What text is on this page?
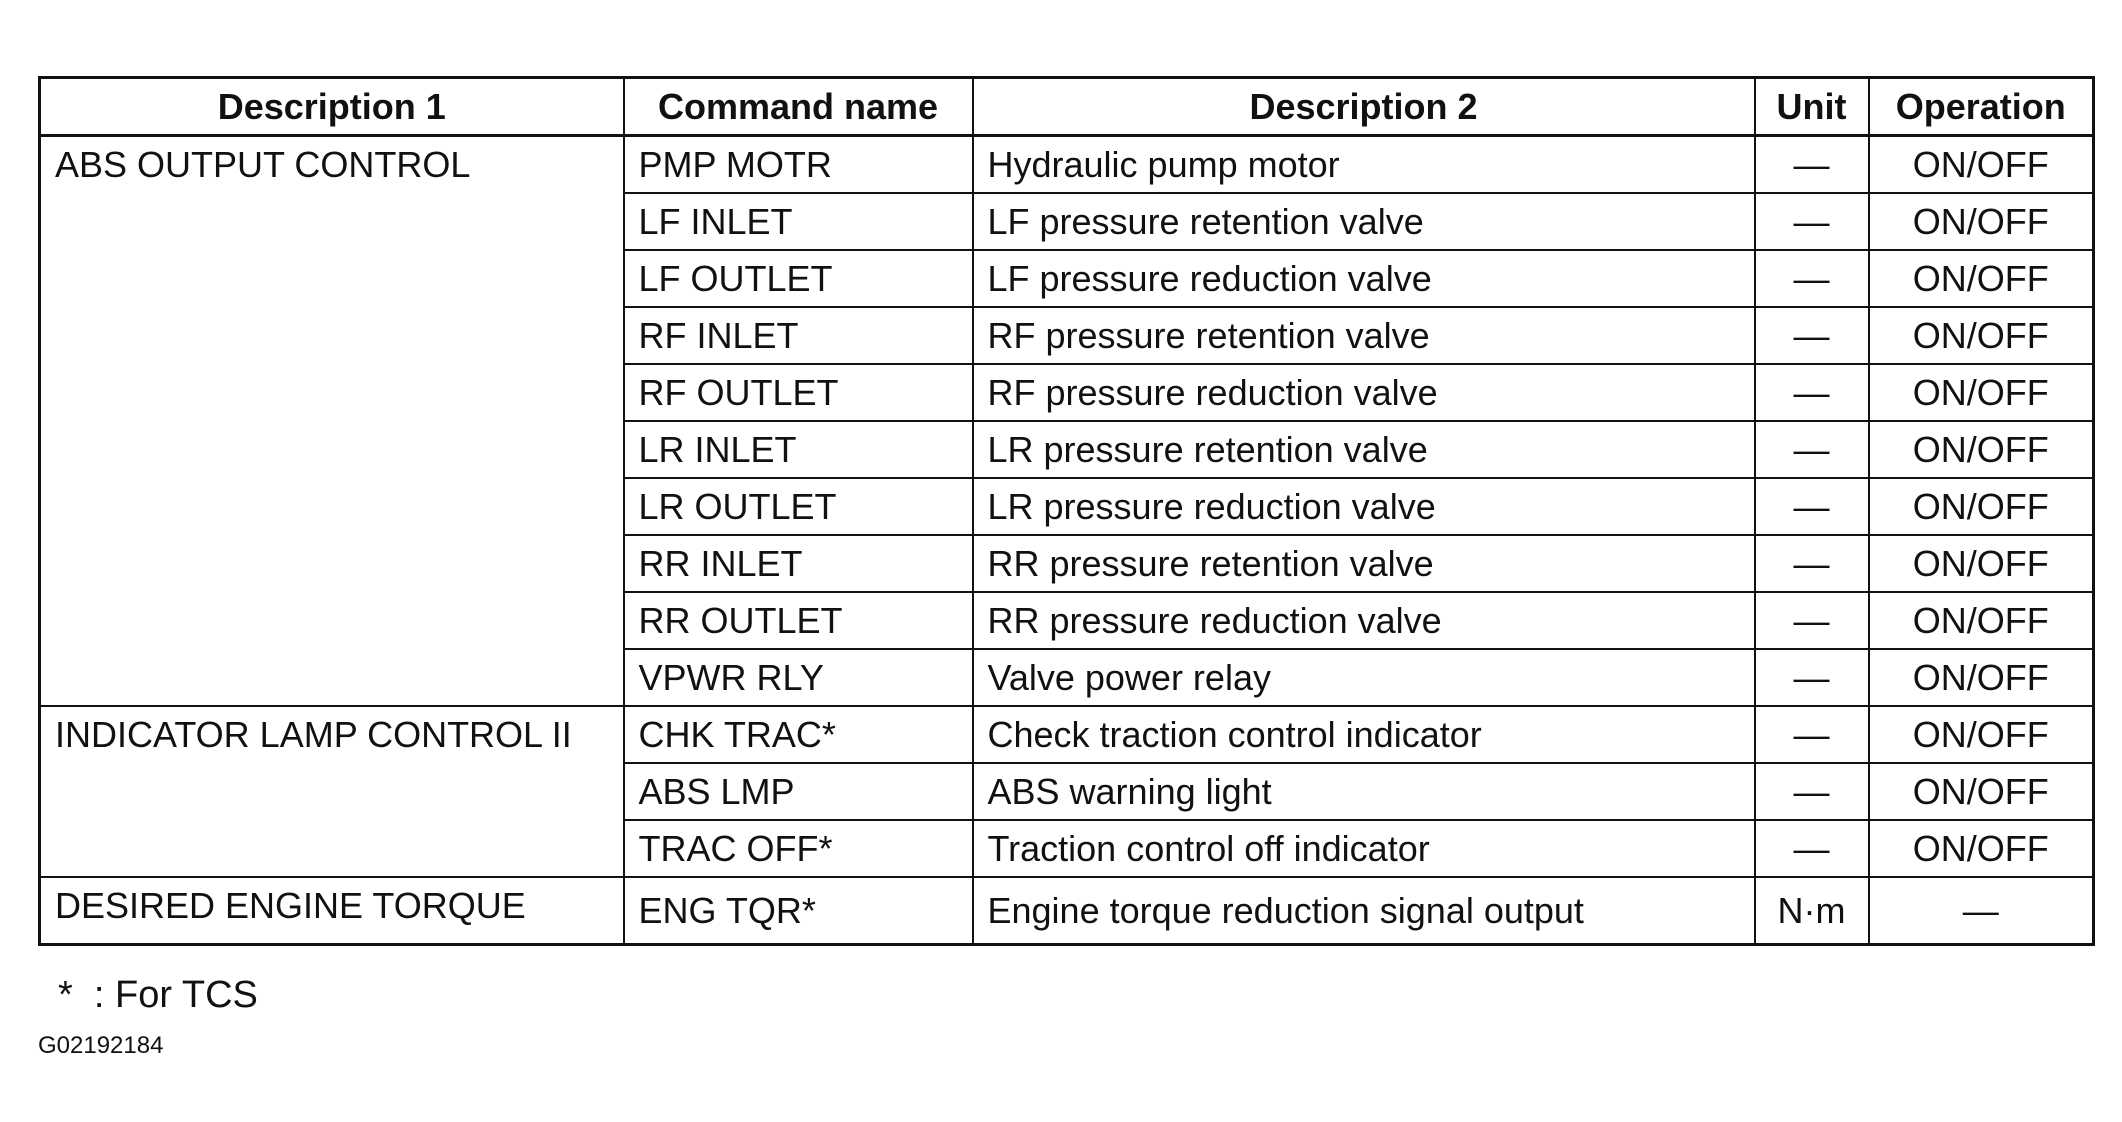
Description 1	Command name	Description 2	Unit	Operation
ABS OUTPUT CONTROL	PMP MOTR	Hydraulic pump motor	—	ON/OFF
	LF INLET	LF pressure retention valve	—	ON/OFF
	LF OUTLET	LF pressure reduction valve	—	ON/OFF
	RF INLET	RF pressure retention valve	—	ON/OFF
	RF OUTLET	RF pressure reduction valve	—	ON/OFF
	LR INLET	LR pressure retention valve	—	ON/OFF
	LR OUTLET	LR pressure reduction valve	—	ON/OFF
	RR INLET	RR pressure retention valve	—	ON/OFF
	RR OUTLET	RR pressure reduction valve	—	ON/OFF
	VPWR RLY	Valve power relay	—	ON/OFF
INDICATOR LAMP CONTROL II	CHK TRAC*	Check traction control indicator	—	ON/OFF
	ABS LMP	ABS warning light	—	ON/OFF
	TRAC OFF*	Traction control off indicator	—	ON/OFF
DESIRED ENGINE TORQUE	ENG TQR*	Engine torque reduction signal output	N·m	—
*  : For TCS
G02192184
